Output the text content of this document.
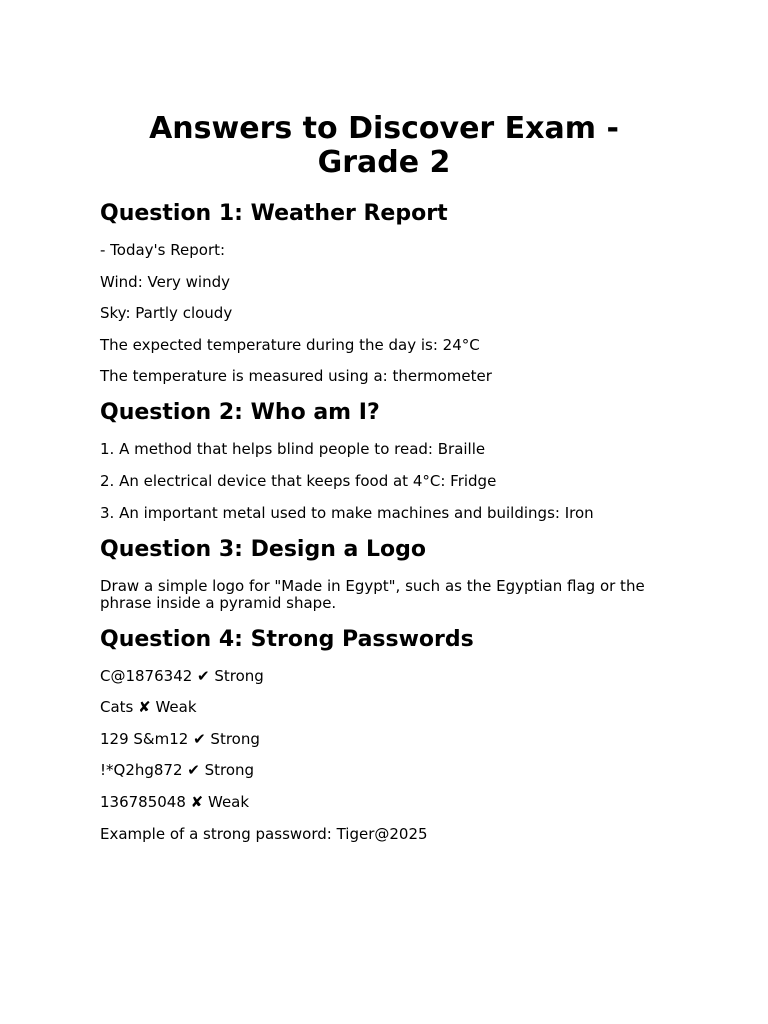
Answers to Discover Exam - Grade 2
Question 1: Weather Report

- Today's Report:

Wind: Very windy

Sky: Partly cloudy

The expected temperature during the day is: 24°C

The temperature is measured using a: thermometer

Question 2: Who am I?

1. A method that helps blind people to read: Braille

2. An electrical device that keeps food at 4°C: Fridge

3. An important metal used to make machines and buildings: Iron

Question 3: Design a Logo

Draw a simple logo for "Made in Egypt", such as the Egyptian flag or the phrase inside a pyramid shape.

Question 4: Strong Passwords

C@1876342 ✔ Strong

Cats ✘ Weak

129 S&m12 ✔ Strong

!*Q2hg872 ✔ Strong

136785048 ✘ Weak

Example of a strong password: Tiger@2025
